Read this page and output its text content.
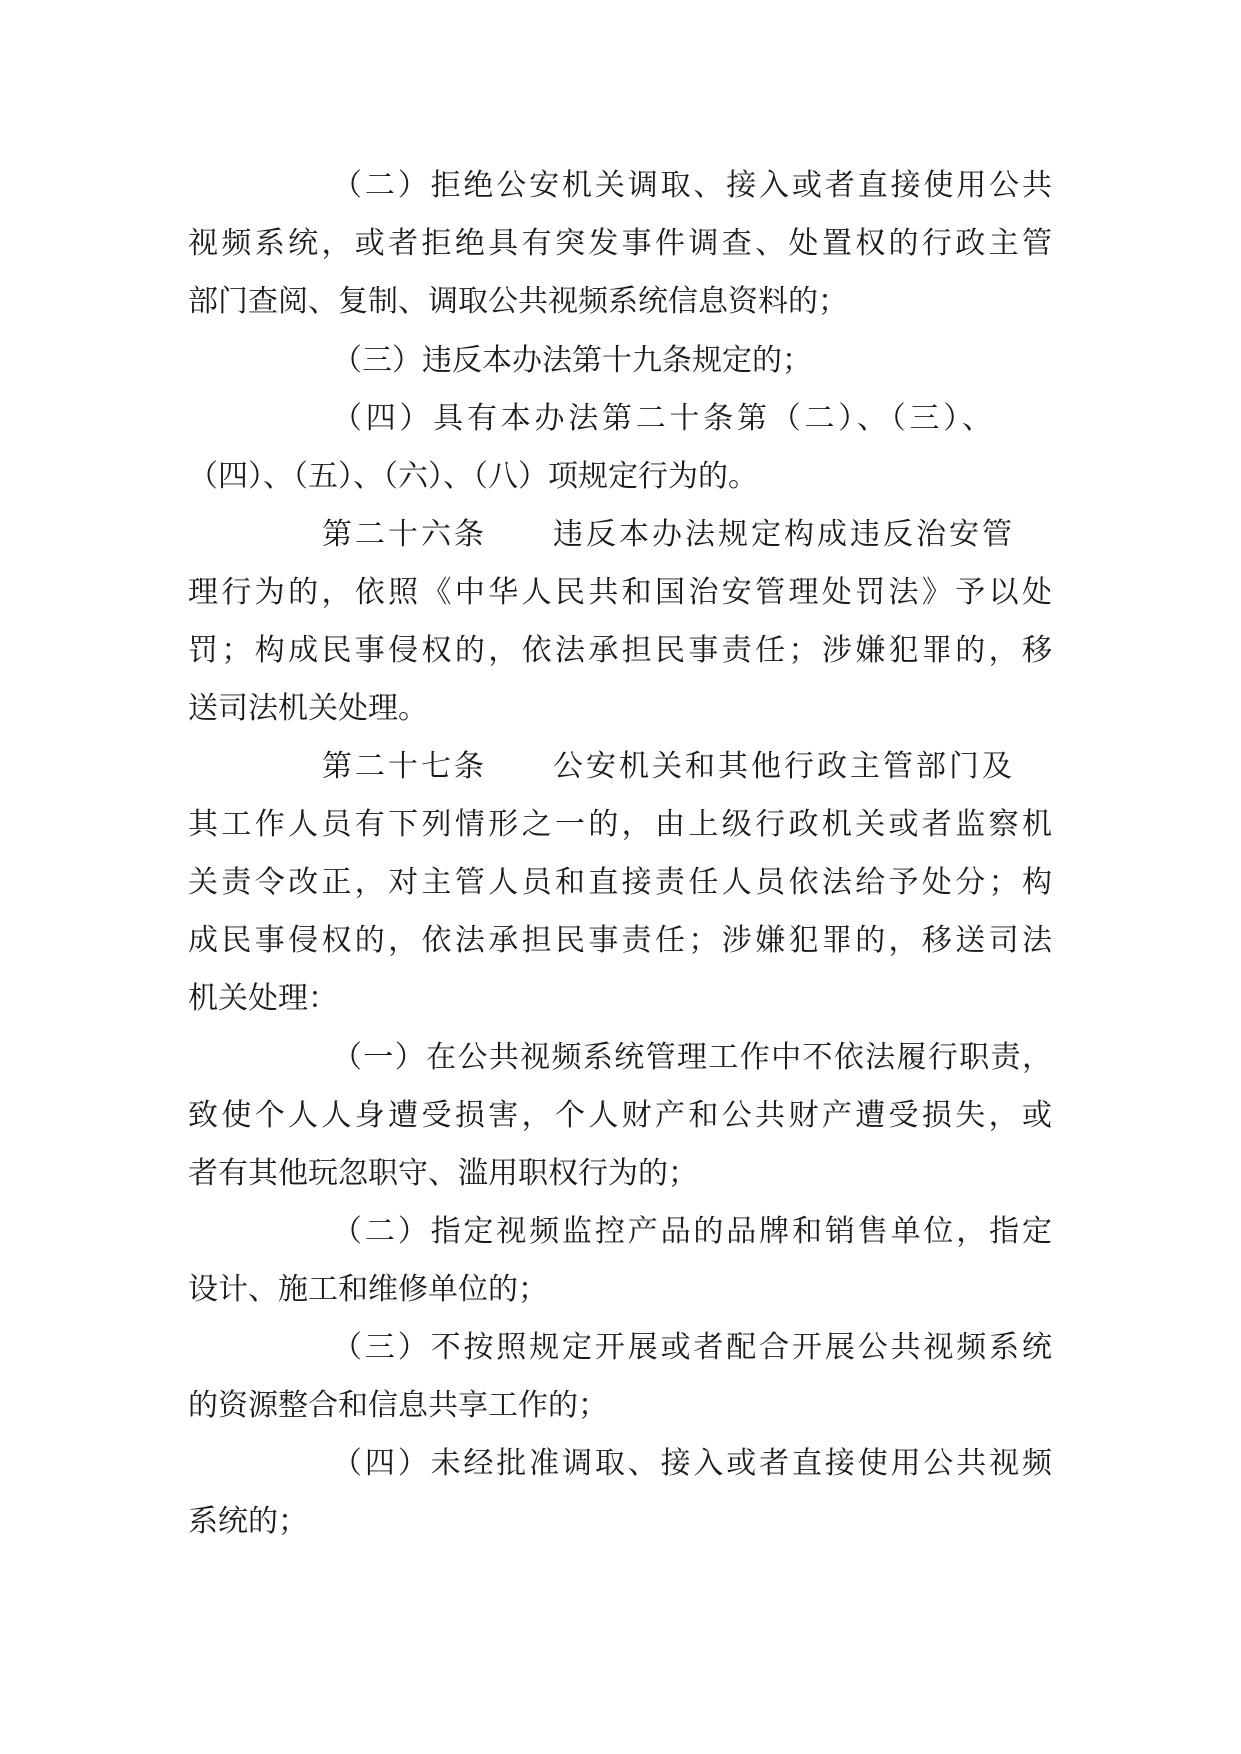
（二）拒绝公安机关调取、接入或者直接使用公共
视频系统，或者拒绝具有突发事件调查、处置权的行政主管
部门查阅、复制、调取公共视频系统信息资料的；
（三）违反本办法第十九条规定的；
（四）具有本办法第二十条第（二）、（三）、
（四）、（五）、（六）、（八）项规定行为的。
第二十六条　　违反本办法规定构成违反治安管
理行为的，依照《中华人民共和国治安管理处罚法》予以处
罚；构成民事侵权的，依法承担民事责任；涉嫌犯罪的，移
送司法机关处理。
第二十七条　　公安机关和其他行政主管部门及
其工作人员有下列情形之一的，由上级行政机关或者监察机
关责令改正，对主管人员和直接责任人员依法给予处分；构
成民事侵权的，依法承担民事责任；涉嫌犯罪的，移送司法
机关处理：
（一）在公共视频系统管理工作中不依法履行职责，
致使个人人身遭受损害，个人财产和公共财产遭受损失，或
者有其他玩忽职守、滥用职权行为的；
（二）指定视频监控产品的品牌和销售单位，指定
设计、施工和维修单位的；
（三）不按照规定开展或者配合开展公共视频系统
的资源整合和信息共享工作的；
（四）未经批准调取、接入或者直接使用公共视频
系统的；
